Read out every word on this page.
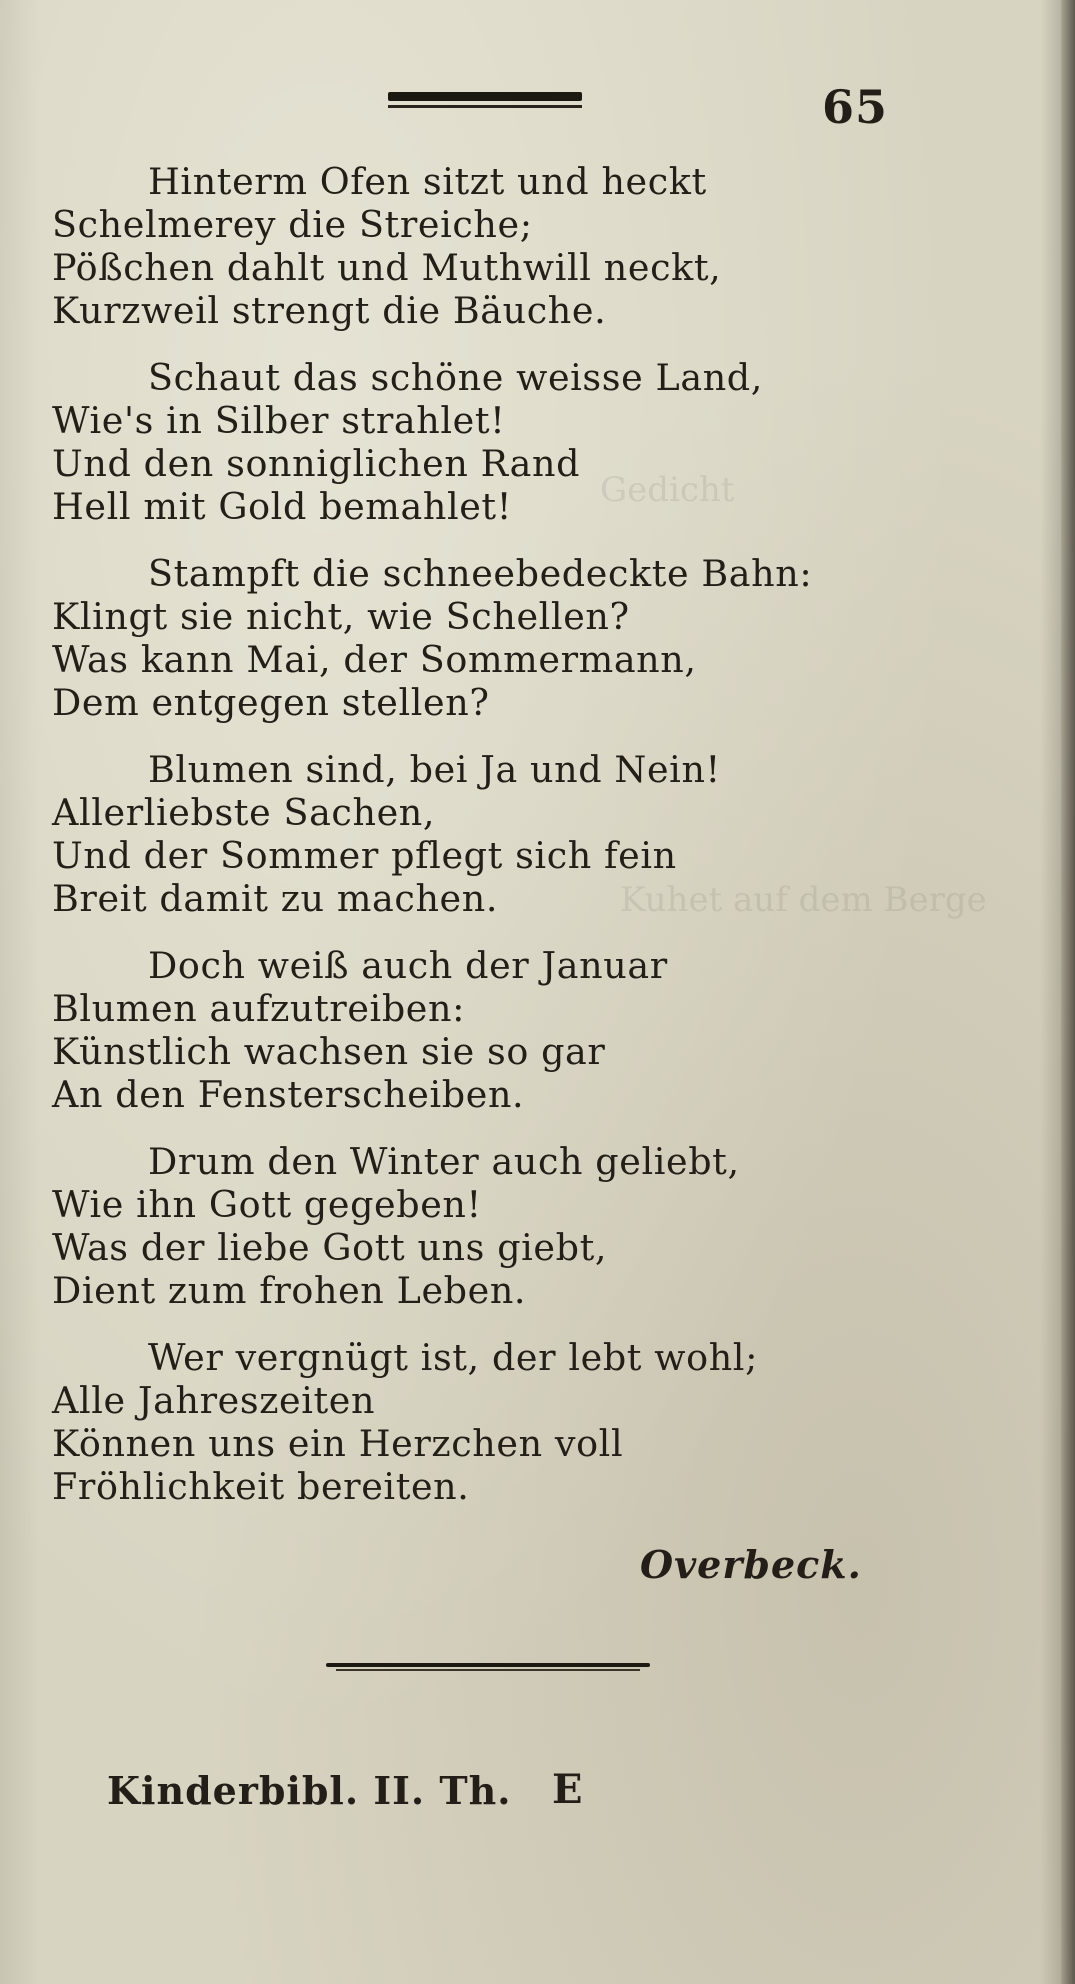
Gedicht
Kuhet auf dem Berge
65
Hinterm Ofen sitzt und heckt
Schelmerey die Streiche;
Pößchen dahlt und Muthwill neckt,
Kurzweil strengt die Bäuche.
Schaut das schöne weisse Land,
Wie's in Silber strahlet!
Und den sonniglichen Rand
Hell mit Gold bemahlet!
Stampft die schneebedeckte Bahn:
Klingt sie nicht, wie Schellen?
Was kann Mai, der Sommermann,
Dem entgegen stellen?
Blumen sind, bei Ja und Nein!
Allerliebste Sachen,
Und der Sommer pflegt sich fein
Breit damit zu machen.
Doch weiß auch der Januar
Blumen aufzutreiben:
Künstlich wachsen sie so gar
An den Fensterscheiben.
Drum den Winter auch geliebt,
Wie ihn Gott gegeben!
Was der liebe Gott uns giebt,
Dient zum frohen Leben.
Wer vergnügt ist, der lebt wohl;
Alle Jahreszeiten
Können uns ein Herzchen voll
Fröhlichkeit bereiten.
Overbeck.
Kinderbibl. II. Th. E
